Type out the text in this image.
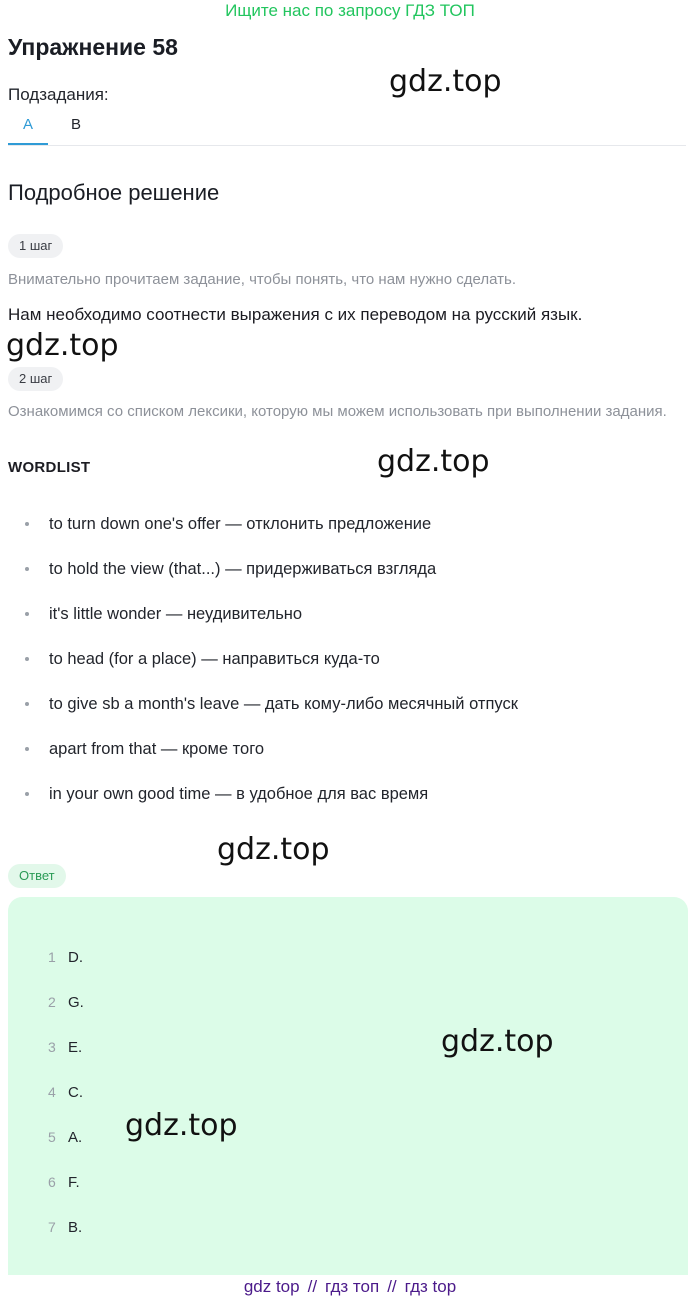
Ищите нас по запросу ГДЗ ТОП
Упражнение 58
Подзадания:
A	B
Подробное решение
1 шаг
Внимательно прочитаем задание, чтобы понять, что нам нужно сделать.
Нам необходимо соотнести выражения с их переводом на русский язык.
2 шаг
Ознакомимся со списком лексики, которую мы можем использовать при выполнении задания.
WORDLIST
to turn down one's offer — отклонить предложение
to hold the view (that...) — придерживаться взгляда
it's little wonder — неудивительно
to head (for a place) — направиться куда-то
to give sb a month's leave — дать кому-либо месячный отпуск
apart from that — кроме того
in your own good time — в удобное для вас время
Ответ
1 D.
2 G.
3 E.
4 C.
5 A.
6 F.
7 B.
gdz.top
gdz.top
gdz.top
gdz.top
gdz.top
gdz.top
gdz top // гдз топ // гдз top
